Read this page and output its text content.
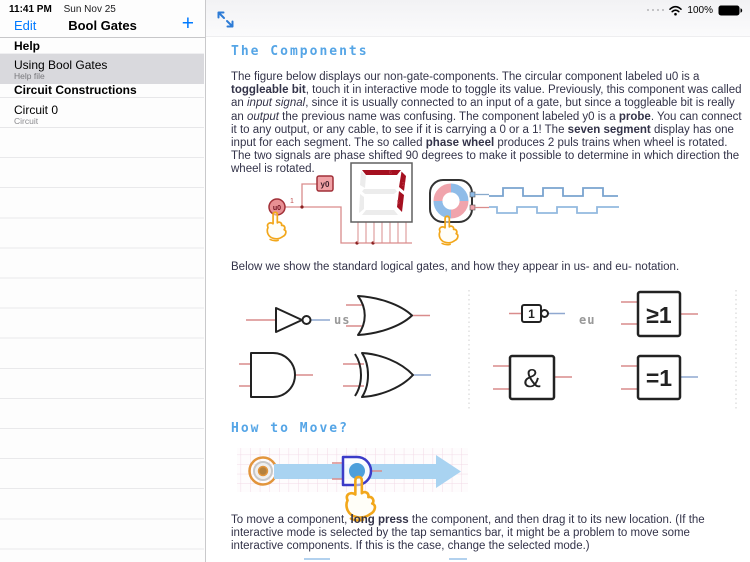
11:41 PM Sun Nov 25	100%
Edit	Bool Gates	+
Help
Using Bool Gates
Help file
Circuit Constructions
Circuit 0
Circuit
The Components
The figure below displays our non-gate-components. The circular component labeled u0 is a toggleable bit, touch it in interactive mode to toggle its value. Previously, this component was called an input signal, since it is usually connected to an input of a gate, but since a toggleable bit is really an output the previous name was confusing. The component labeled y0 is a probe. You can connect it to any output, or any cable, to see if it is carrying a 0 or a 1! The seven segment display has one input for each segment. The so called phase wheel produces 2 puls trains when wheel is rotated. The two signals are phase shifted 90 degrees to make it possible to determine in which direction the wheel is rotated.
u0
1
y0
6
2
5
Below we show the standard logical gates, and how they appear in us- and eu- notation.
us	1	eu ≥1
&	=1
How to Move?
To move a component, long press the component, and then drag it to its new location. (If the interactive mode is selected by the tap semantics bar, it might be a problem to move some interactive components. If this is the case, change the selected mode.)
